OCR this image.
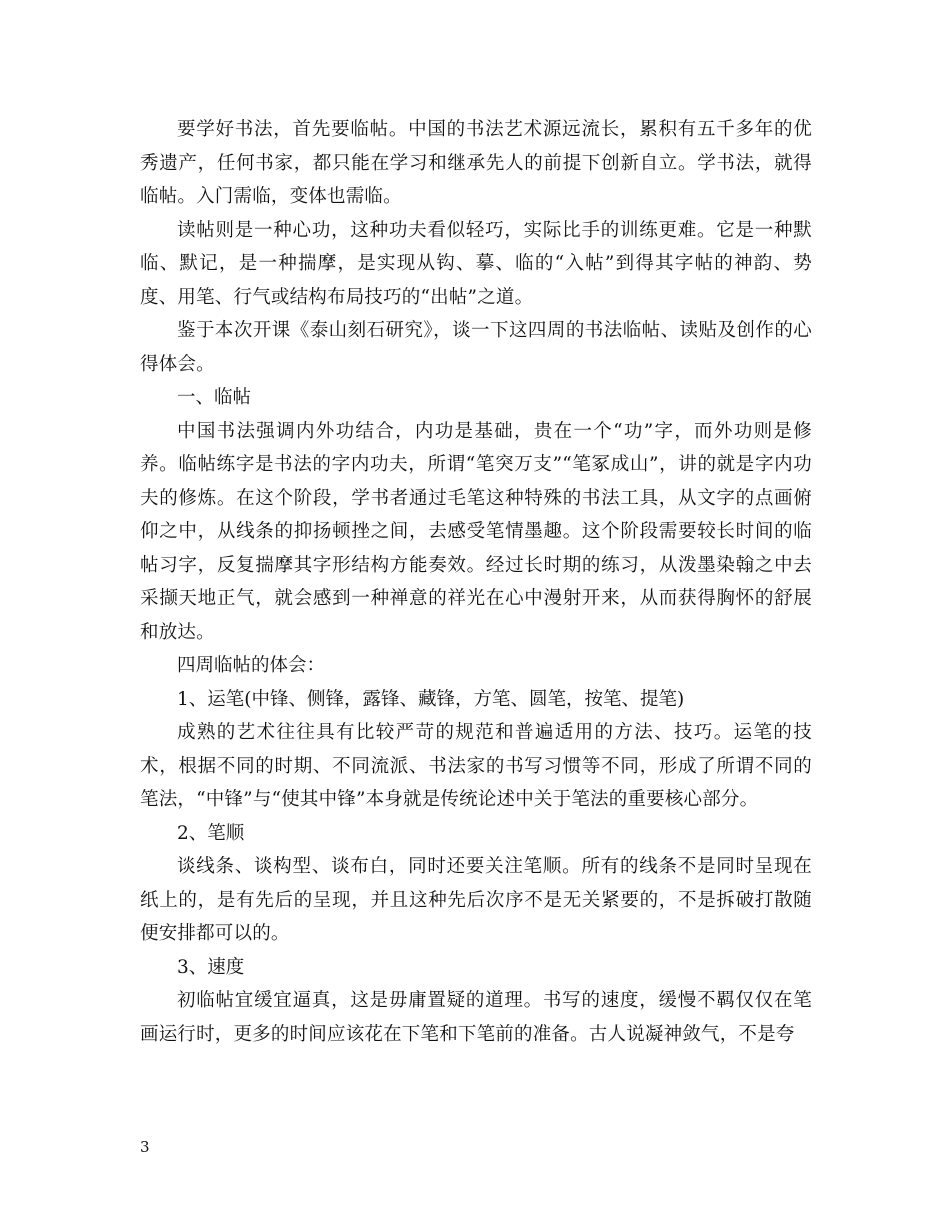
要学好书法，首先要临帖。中国的书法艺术源远流长，累积有五千多年的优秀遗产，任何书家，都只能在学习和继承先人的前提下创新自立。学书法，就得临帖。入门需临，变体也需临。

读帖则是一种心功，这种功夫看似轻巧，实际比手的训练更难。它是一种默临、默记，是一种揣摩，是实现从钩、摹、临的“入帖”到得其字帖的神韵、势度、用笔、行气或结构布局技巧的“出帖”之道。

鉴于本次开课《泰山刻石研究》，谈一下这四周的书法临帖、读贴及创作的心得体会。

一、临帖

中国书法强调内外功结合，内功是基础，贵在一个“功”字，而外功则是修养。临帖练字是书法的字内功夫，所谓“笔突万支”“笔冢成山”，讲的就是字内功夫的修炼。在这个阶段，学书者通过毛笔这种特殊的书法工具，从文字的点画俯仰之中，从线条的抑扬顿挫之间，去感受笔情墨趣。这个阶段需要较长时间的临帖习字，反复揣摩其字形结构方能奏效。经过长时期的练习，从泼墨染翰之中去采撷天地正气，就会感到一种禅意的祥光在心中漫射开来，从而获得胸怀的舒展和放达。

四周临帖的体会：

1、运笔(中锋、侧锋，露锋、藏锋，方笔、圆笔，按笔、提笔)

成熟的艺术往往具有比较严苛的规范和普遍适用的方法、技巧。运笔的技术，根据不同的时期、不同流派、书法家的书写习惯等不同，形成了所谓不同的笔法，“中锋”与“使其中锋”本身就是传统论述中关于笔法的重要核心部分。

2、笔顺

谈线条、谈构型、谈布白，同时还要关注笔顺。所有的线条不是同时呈现在纸上的，是有先后的呈现，并且这种先后次序不是无关紧要的，不是拆破打散随便安排都可以的。

3、速度

初临帖宜缓宜逼真，这是毋庸置疑的道理。书写的速度，缓慢不羁仅仅在笔画运行时，更多的时间应该花在下笔和下笔前的准备。古人说凝神敛气，不是夸

3
